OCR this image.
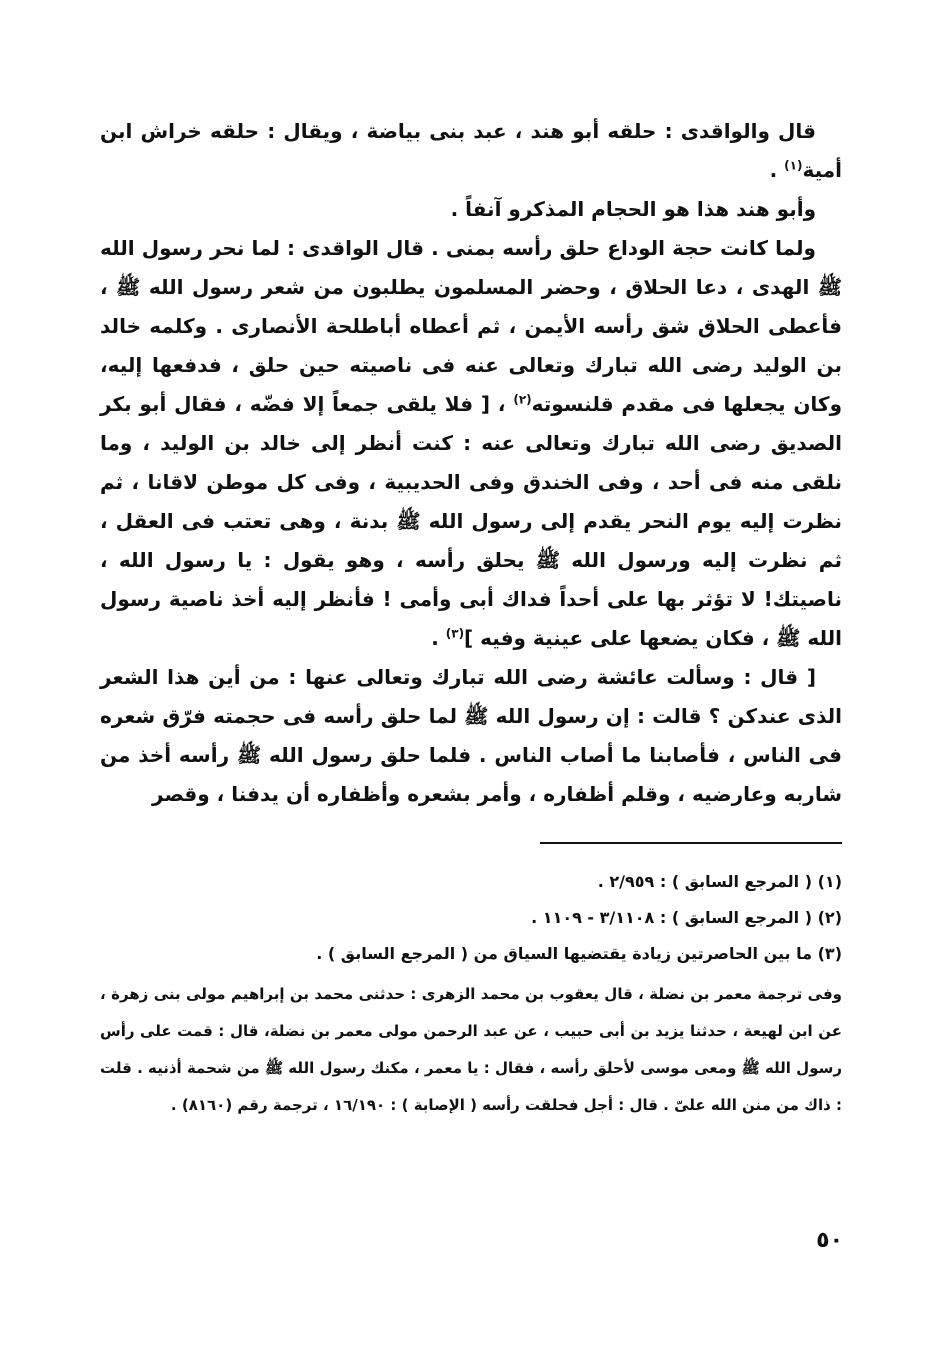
قال والواقدى : حلقه أبو هند ، عبد بنى بياضة ، ويقال : حلقه خراش ابن أمية$^{(١)}$ .

وأبو هند هذا هو الحجام المذكرو آنفاً .

ولما كانت حجة الوداع حلق رأسه بمنى . قال الواقدى : لما نحر رسول الله ﷺ الهدى ، دعا الحلاق ، وحضر المسلمون يطلبون من شعر رسول الله ﷺ ، فأعطى الحلاق شق رأسه الأيمن ، ثم أعطاه أباطلحة الأنصارى . وكلمه خالد بن الوليد رضى الله تبارك وتعالى عنه فى ناصيته حين حلق ، فدفعها إليه، وكان يجعلها فى مقدم قلنسوته$^{(٢)}$ ، [ فلا يلقى جمعاً إلا فضّه ، فقال أبو بكر الصديق رضى الله تبارك وتعالى عنه : كنت أنظر إلى خالد بن الوليد ، وما نلقى منه فى أحد ، وفى الخندق وفى الحديبية ، وفى كل موطن لاقانا ، ثم نظرت إليه يوم النحر يقدم إلى رسول الله ﷺ بدنة ، وهى تعتب فى العقل ، ثم نظرت إليه ورسول الله ﷺ يحلق رأسه ، وهو يقول : يا رسول الله ، ناصيتك! لا تؤثر بها على أحداً فداك أبى وأمى ! فأنظر إليه أخذ ناصية رسول الله ﷺ ، فكان يضعها على عينية وفيه ]$^{(٣)}$ .

[ قال : وسألت عائشة رضى الله تبارك وتعالى عنها : من أين هذا الشعر الذى عندكن ؟ قالت : إن رسول الله ﷺ لما حلق رأسه فى حجمته فرّق شعره فى الناس ، فأصابنا ما أصاب الناس . فلما حلق رسول الله ﷺ رأسه أخذ من شاربه وعارضيه ، وقلم أظفاره ، وأمر بشعره وأظفاره أن يدفنا ، وقصر

(١) ( المرجع السابق ) : ٢/٩٥٩ .

(٢) ( المرجع السابق ) : ٣/١١٠٨ - ١١٠٩ .

(٣) ما بين الحاصرتين زيادة يقتضيها السياق من ( المرجع السابق ) .

وفى ترجمة معمر بن نضلة ، قال يعقوب بن محمد الزهرى : حدثنى محمد بن إبراهيم مولى بنى زهرة ، عن ابن لهيعة ، حدثنا يزيد بن أبى حبيب ، عن عبد الرحمن مولى معمر بن نضلة، قال : قمت على رأس رسول الله ﷺ ومعى موسى لأحلق رأسه ، فقال : يا معمر ، مكنك رسول الله ﷺ من شحمة أذنيه . قلت : ذاك من منن الله علىّ . قال : أجل فحلقت رأسه ( الإصابة ) : ١٦/١٩٠ ، ترجمة رقم (٨١٦٠) .

٥٠
